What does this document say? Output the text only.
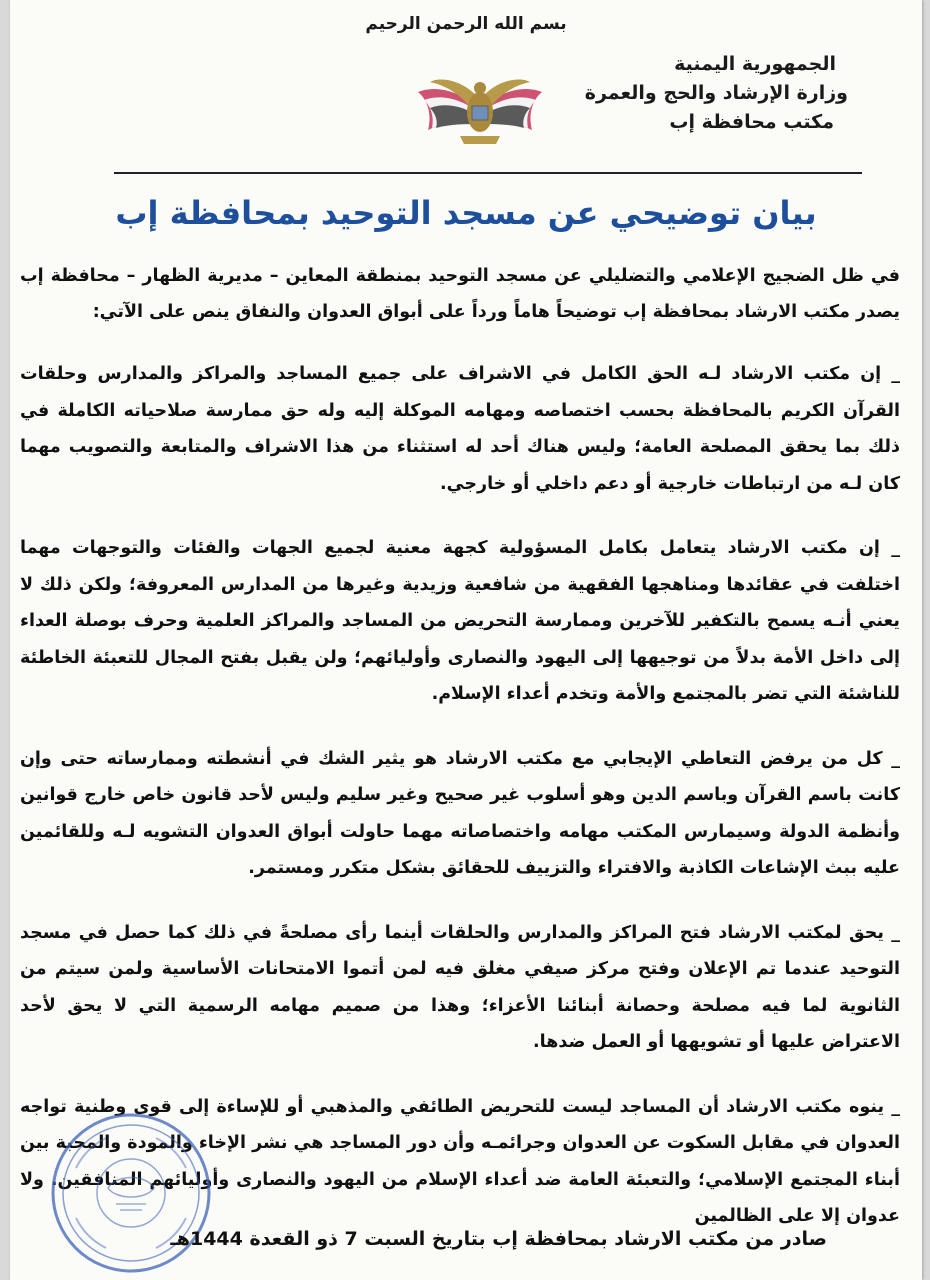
بسم الله الرحمن الرحيم
الجمهورية اليمنية
وزارة الإرشاد والحج والعمرة
مكتب محافظة إب
بيان توضيحي عن مسجد التوحيد بمحافظة إب

في ظل الضجيج الإعلامي والتضليلي عن مسجد التوحيد بمنطقة المعاين – مديرية الظهار – محافظة إب يصدر مكتب الارشاد بمحافظة إب توضيحاً هاماً ورداً على أبواق العدوان والنفاق ينص على الآتي:

_ إن مكتب الارشاد لـه الحق الكامل في الاشراف على جميع المساجد والمراكز والمدارس وحلقات القرآن الكريم بالمحافظة بحسب اختصاصه ومهامه الموكلة إليه وله حق ممارسة صلاحياته الكاملة في ذلك بما يحقق المصلحة العامة؛ وليس هناك أحد له استثناء من هذا الاشراف والمتابعة والتصويب مهما كان لـه من ارتباطات خارجية أو دعم داخلي أو خارجي.

_ إن مكتب الارشاد يتعامل بكامل المسؤولية كجهة معنية لجميع الجهات والفئات والتوجهات مهما اختلفت في عقائدها ومناهجها الفقهية من شافعية وزيدية وغيرها من المدارس المعروفة؛ ولكن ذلك لا يعني أنـه يسمح بالتكفير للآخرين وممارسة التحريض من المساجد والمراكز العلمية وحرف بوصلة العداء إلى داخل الأمة بدلاً من توجيهها إلى اليهود والنصارى وأوليائهم؛ ولن يقبل بفتح المجال للتعبئة الخاطئة للناشئة التي تضر بالمجتمع والأمة وتخدم أعداء الإسلام.

_ كل من يرفض التعاطي الإيجابي مع مكتب الارشاد هو يثير الشك في أنشطته وممارساته حتى وإن كانت باسم القرآن وباسم الدين وهو أسلوب غير صحيح وغير سليم وليس لأحد قانون خاص خارج قوانين وأنظمة الدولة وسيمارس المكتب مهامه واختصاصاته مهما حاولت أبواق العدوان التشويه لـه وللقائمين عليه ببث الإشاعات الكاذبة والافتراء والتزييف للحقائق بشكل متكرر ومستمر.

_ يحق لمكتب الارشاد فتح المراكز والمدارس والحلقات أينما رأى مصلحةً في ذلك كما حصل في مسجد التوحيد عندما تم الإعلان وفتح مركز صيفي مغلق فيه لمن أتموا الامتحانات الأساسية ولمن سيتم من الثانوية لما فيه مصلحة وحصانة أبنائنا الأعزاء؛ وهذا من صميم مهامه الرسمية التي لا يحق لأحد الاعتراض عليها أو تشويهها أو العمل ضدها.

_ ينوه مكتب الارشاد أن المساجد ليست للتحريض الطائفي والمذهبي أو للإساءة إلى قوى وطنية تواجه العدوان في مقابل السكوت عن العدوان وجرائمـه وأن دور المساجد هي نشر الإخاء والمودة والمحبة بين أبناء المجتمع الإسلامي؛ والتعبئة العامة ضد أعداء الإسلام من اليهود والنصارى وأوليائهم المنافقين. ولا عدوان إلا على الظالمين

صادر من مكتب الارشاد بمحافظة إب بتاريخ السبت 7 ذو القعدة 1444هـ
